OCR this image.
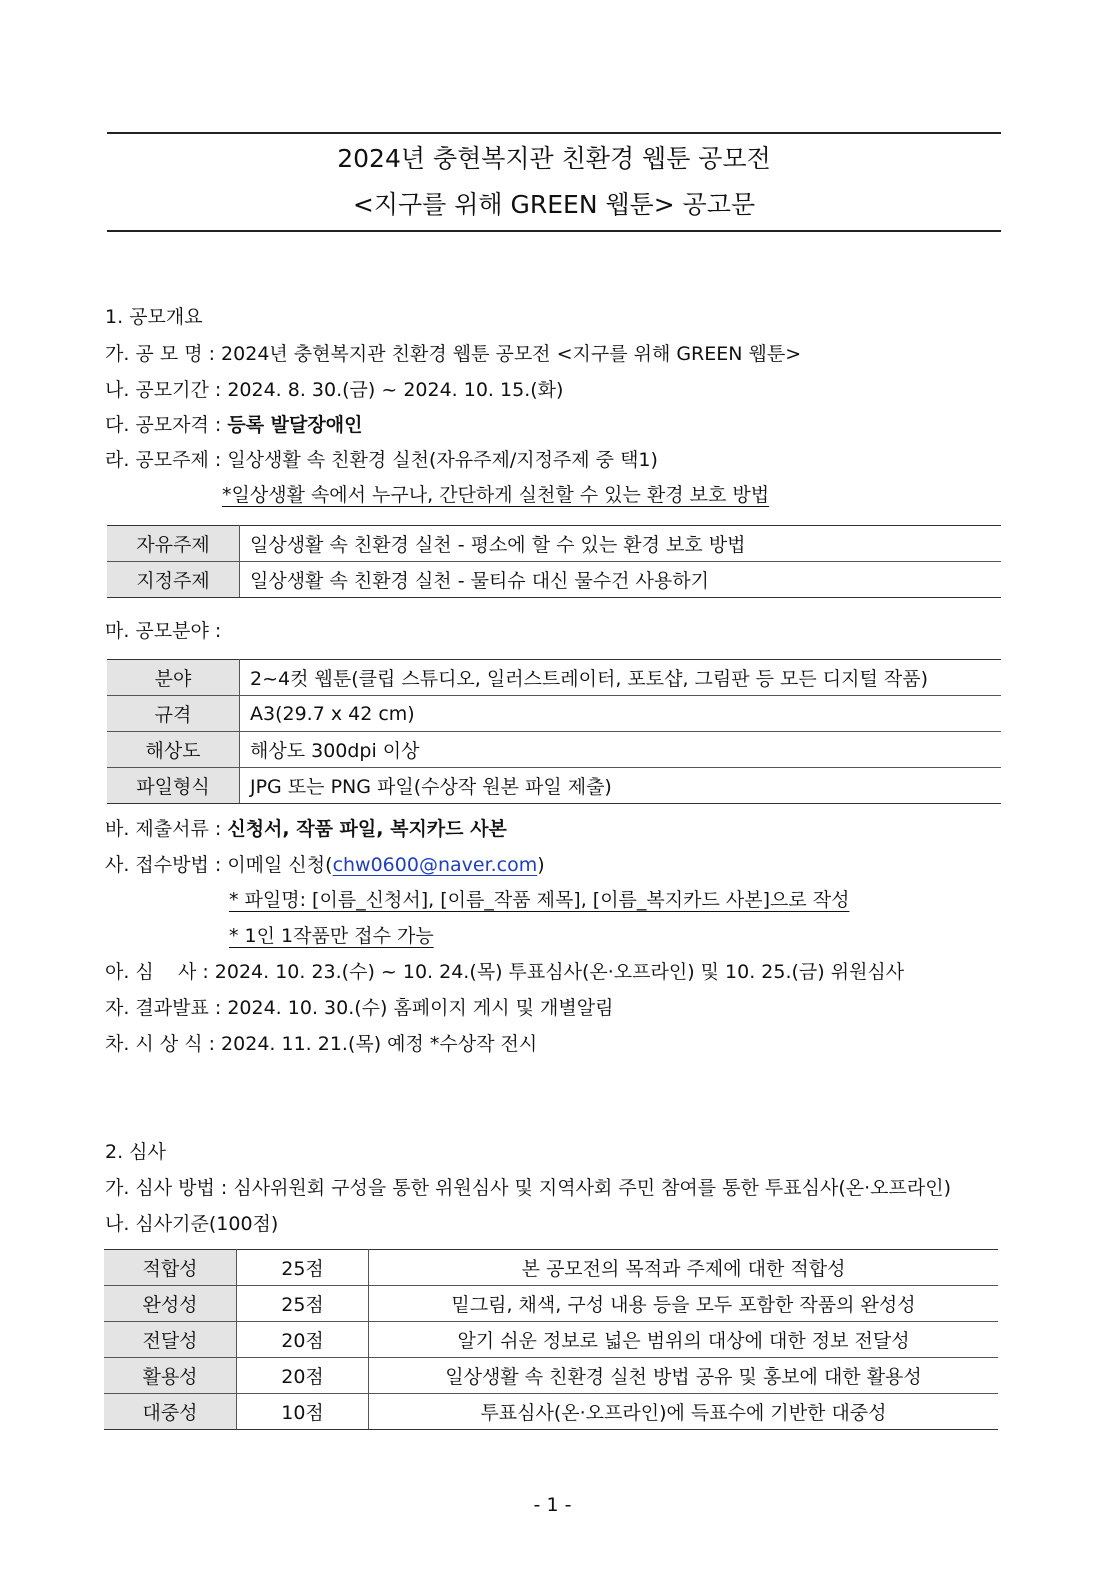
2024년 충현복지관 친환경 웹툰 공모전
<지구를 위해 GREEN 웹툰> 공고문
1. 공모개요
가. 공 모 명 : 2024년 충현복지관 친환경 웹툰 공모전 <지구를 위해 GREEN 웹툰>
나. 공모기간 : 2024. 8. 30.(금) ~ 2024. 10. 15.(화)
다. 공모자격 : 등록 발달장애인
라. 공모주제 : 일상생활 속 친환경 실천(자유주제/지정주제 중 택1)
*일상생활 속에서 누구나, 간단하게 실천할 수 있는 환경 보호 방법
자유주제	일상생활 속 친환경 실천 - 평소에 할 수 있는 환경 보호 방법
지정주제	일상생활 속 친환경 실천 - 물티슈 대신 물수건 사용하기
마. 공모분야 :
분야	2~4컷 웹툰(클립 스튜디오, 일러스트레이터, 포토샵, 그림판 등 모든 디지털 작품)
규격	A3(29.7 x 42 cm)
해상도	해상도 300dpi 이상
파일형식	JPG 또는 PNG 파일(수상작 원본 파일 제출)
바. 제출서류 : 신청서, 작품 파일, 복지카드 사본
사. 접수방법 : 이메일 신청(chw0600@naver.com)
* 파일명: [이름_신청서], [이름_작품 제목], [이름_복지카드 사본]으로 작성
* 1인 1작품만 접수 가능
아. 심    사 : 2024. 10. 23.(수) ~ 10. 24.(목) 투표심사(온·오프라인) 및 10. 25.(금) 위원심사
자. 결과발표 : 2024. 10. 30.(수) 홈페이지 게시 및 개별알림
차. 시 상 식 : 2024. 11. 21.(목) 예정 *수상작 전시
2. 심사
가. 심사 방법 : 심사위원회 구성을 통한 위원심사 및 지역사회 주민 참여를 통한 투표심사(온·오프라인)
나. 심사기준(100점)
적합성	25점	본 공모전의 목적과 주제에 대한 적합성
완성성	25점	밑그림, 채색, 구성 내용 등을 모두 포함한 작품의 완성성
전달성	20점	알기 쉬운 정보로 넓은 범위의 대상에 대한 정보 전달성
활용성	20점	일상생활 속 친환경 실천 방법 공유 및 홍보에 대한 활용성
대중성	10점	투표심사(온·오프라인)에 득표수에 기반한 대중성
- 1 -
